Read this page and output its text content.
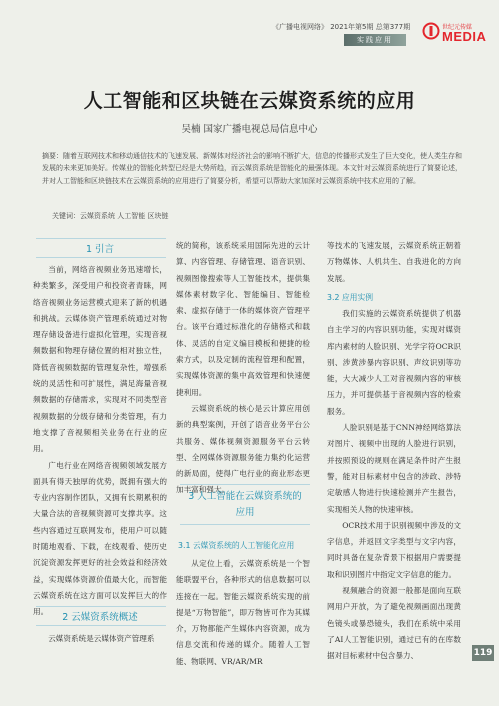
《广播电视网络》 2021年第5期 总第377期
实践应用
世纪元传媒
MEDIA
人工智能和区块链在云媒资系统的应用
吴楠 国家广播电视总局信息中心
摘要：随着互联网技术和移动通信技术的飞速发展、新媒体对经济社会的影响不断扩大，信息的传播形式发生了巨大变化，使人类生存和发展的未来更加美好。传媒业的智能化转型已经是大势所趋，而云媒资系统是智能化的最强体现。本文针对云媒资系统进行了简要论述，并对人工智能和区块链技术在云媒资系统的应用进行了简要分析，希望可以帮助大家加深对云媒资系统中技术应用的了解。
关键词：云媒资系统 人工智能 区块链
1 引言

当前，网络音视频业务迅速增长，种类繁多，深受用户和投资者青睐，网络音视频业务运营模式迎来了新的机遇和挑战。云媒体资产管理系统通过对物理存储设备进行虚拟化管理，实现音视频数据和物理存储位置的相对独立性，降低音视频数据的管理复杂性，增强系统的灵活性和可扩展性，满足海量音视频数据的存储需求，实现对不同类型音视频数据的分级存储和分类管理，有力地支撑了音视频相关业务在行业的应用。

广电行业在网络音视频领域发展方面具有得天独厚的优势，既拥有强大的专业内容制作团队，又拥有长期累积的大量合法的音视频资源可支撑共享。这些内容通过互联网发布，使用户可以随时随地观看、下载，在线观看、使历史沉淀资源发挥更好的社会效益和经济效益，实现媒体资源价值最大化，而智能云媒资系统在这方面可以发挥巨大的作用。

2 云媒资系统概述

云媒资系统是云媒体资产管理系

统的简称，该系统采用国际先进的云计算、内容管理、存储管理、语音识别、视频图像搜索等人工智能技术，提供集媒体素材数字化、智能编目、智能检索、虚拟存储于一体的媒体资产管理平台。该平台通过标准化的存储格式和载体、灵活的自定义编目模板和便捷的检索方式，以及定制的流程管理和配置，实现媒体资源的集中高效管理和快速便捷利用。

云媒资系统的核心是云计算应用创新的典型案例，开创了语音业务平台公共服务、媒体视频资源服务平台云转型、全网媒体资源服务能力集约化运营的新局面，使得广电行业的商业形态更加丰富和强大。

3 人工智能在云媒资系统的
应用
3.1 云媒资系统的人工智能化应用

从定位上看，云媒资系统是一个智能联盟平台，各种形式的信息数据可以连接在一起。智能云媒资系统实现的前提是“万物智能”，即万物皆可作为其媒介，万物都能产生媒体内容资源，成为信息交流和传递的媒介。随着人工智能、物联网、VR/AR/MR

等技术的飞速发展，云媒资系统正朝着万物媒体、人机共生、自我进化的方向发展。

3.2 应用实例

我们实施的云媒资系统提供了机器自主学习的内容识别功能，实现对媒资库内素材的人脸识别、光学字符OCR识别、涉黄涉暴内容识别、声纹识别等功能，大大减少人工对音视频内容的审核压力，并可提供基于音视频内容的检索服务。

人脸识别是基于CNN神经网络算法对图片、视频中出现的人脸进行识别，并按照预设的规则在满足条件时产生报警，能对目标素材中包含的涉政、涉特定敏感人物进行快速检测并产生报告，实现相关人物的快速审核。

OCR技术用于识别视频中涉及的文字信息，并返回文字类型与文字内容，同时具备在复杂背景下根据用户需要提取和识别图片中指定文字信息的能力。

视频融合的资源一般都是面向互联网用户开放，为了避免视频画面出现黄色镜头或暴恐镜头，我们在系统中采用了AI人工智能识别，通过已有的在库数据对目标素材中包含暴力、	119
